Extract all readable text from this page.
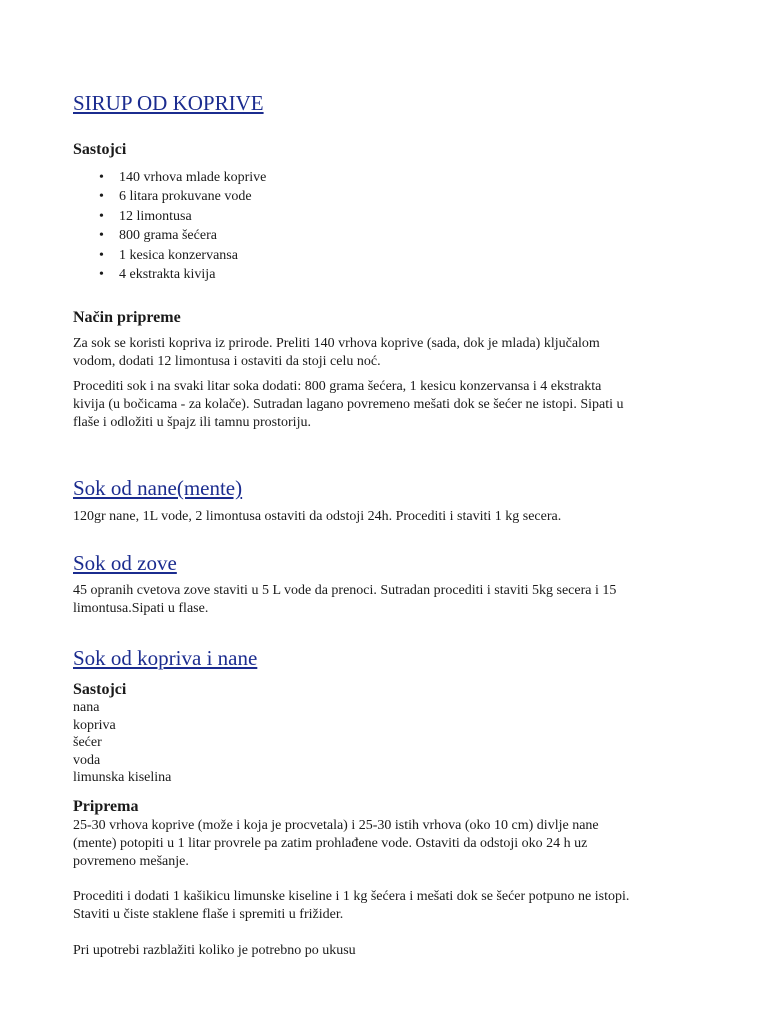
SIRUP OD KOPRIVE
Sastojci
• 140 vrhova mlade koprive
• 6 litara prokuvane vode
• 12 limontusa
• 800 grama šećera
• 1 kesica konzervansa
• 4 ekstrakta kivija
Način pripreme
Za sok se koristi kopriva iz prirode. Preliti 140 vrhova koprive (sada, dok je mlada) ključalom
vodom, dodati 12 limontusa i ostaviti da stoji celu noć.
Procediti sok i na svaki litar soka dodati: 800 grama šećera, 1 kesicu konzervansa i 4 ekstrakta
kivija (u bočicama - za kolače). Sutradan lagano povremeno mešati dok se šećer ne istopi. Sipati u
flaše i odložiti u špajz ili tamnu prostoriju.
Sok od nane(mente)
120gr nane, 1L vode, 2 limontusa ostaviti da odstoji 24h. Procediti i staviti 1 kg secera.
Sok od zove
45 opranih cvetova zove staviti u 5 L vode da prenoci. Sutradan procediti i staviti 5kg secera i 15
limontusa.Sipati u flase.
Sok od kopriva i nane
Sastojci
nana
kopriva
šećer
voda
limunska kiselina
Priprema
25-30 vrhova koprive (može i koja je procvetala) i 25-30 istih vrhova (oko 10 cm) divlje nane
(mente) potopiti u 1 litar provrele pa zatim prohlađene vode. Ostaviti da odstoji oko 24 h uz
povremeno mešanje.
Procediti i dodati 1 kašikicu limunske kiseline i 1 kg šećera i mešati dok se šećer potpuno ne istopi.
Staviti u čiste staklene flaše i spremiti u frižider.
Pri upotrebi razblažiti koliko je potrebno po ukusu
